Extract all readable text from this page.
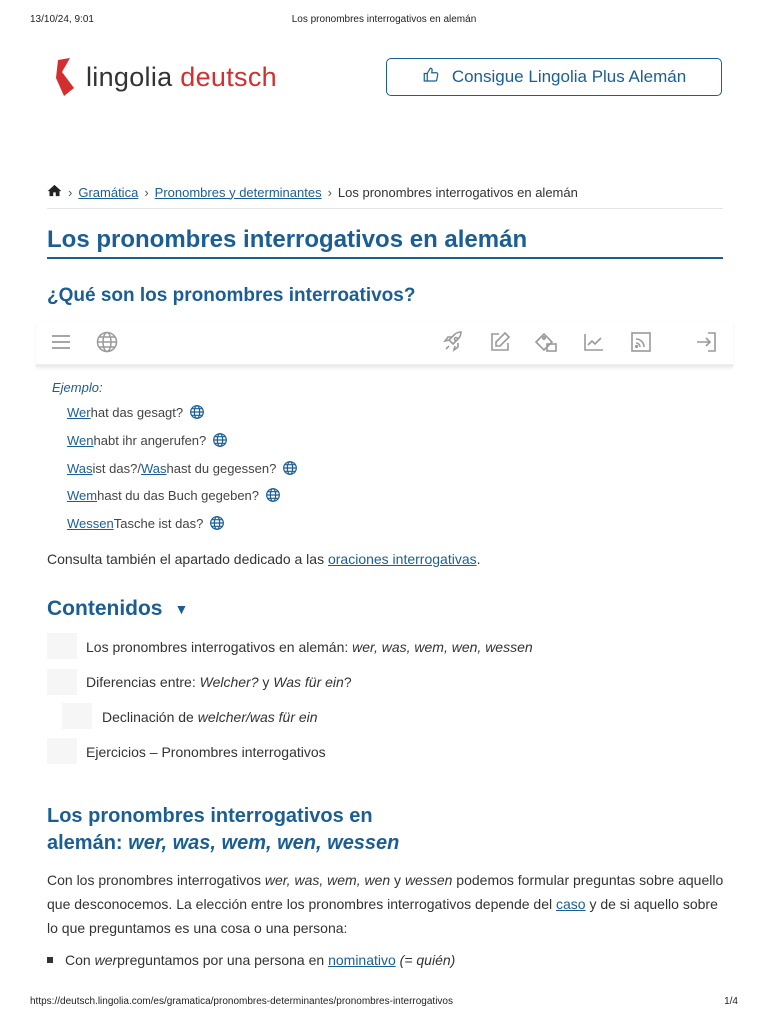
13/10/24, 9:01	Los pronombres interrogativos en alemán
lingolia deutsch	Consigue Lingolia Plus Alemán
› Gramática › Pronombres y determinantes › Los pronombres interrogativos en alemán
Los pronombres interrogativos en alemán
¿Qué son los pronombres interroativos?
Ejemplo:
Wer hat das gesagt?
Wen habt ihr angerufen?
Was ist das?/ Was hast du gegessen?
Wem hast du das Buch gegeben?
Wessen Tasche ist das?
Consulta también el apartado dedicado a las oraciones interrogativas.
Contenidos ▼
Los pronombres interrogativos en alemán: wer, was, wem, wen, wessen
Diferencias entre: Welcher? y Was für ein?
Declinación de welcher/was für ein
Ejercicios – Pronombres interrogativos
Los pronombres interrogativos en
alemán: wer, was, wem, wen, wessen
Con los pronombres interrogativos wer, was, wem, wen y wessen podemos formular preguntas sobre aquello que desconocemos. La elección entre los pronombres interrogativos depende del caso y de si aquello sobre lo que preguntamos es una cosa o una persona:
Con
wer preguntamos por una persona en
nominativo
(= quién)
https://deutsch.lingolia.com/es/gramatica/pronombres-determinantes/pronombres-interrogativos	1/4
